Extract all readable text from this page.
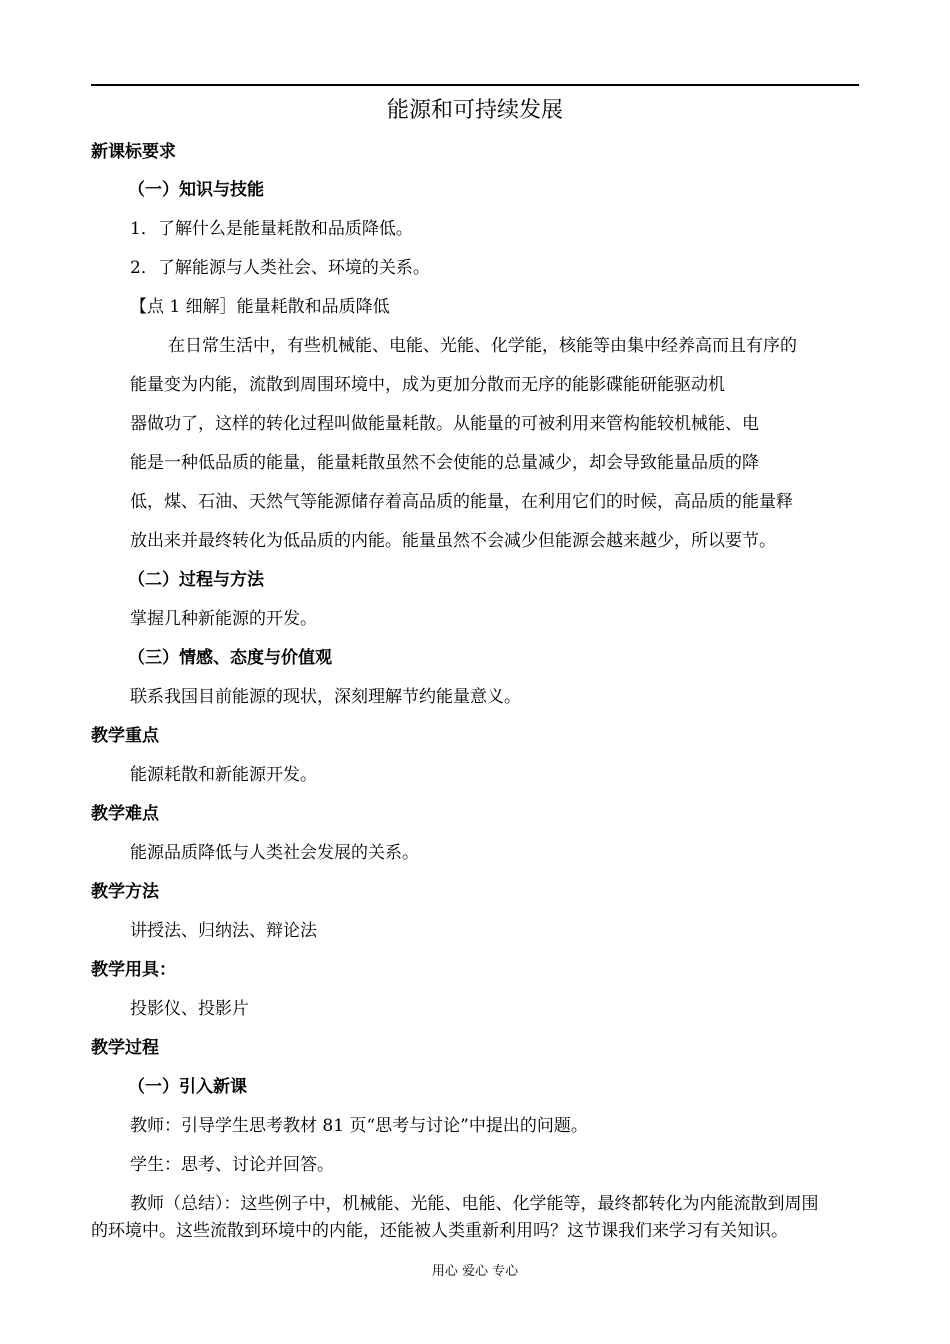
能源和可持续发展
新课标要求
（一）知识与技能
1．了解什么是能量耗散和品质降低。
2．了解能源与人类社会、环境的关系。
【点 1 细解］能量耗散和品质降低
在日常生活中，有些机械能、电能、光能、化学能，核能等由集中经养高而且有序的
能量变为内能，流散到周围环境中，成为更加分散而无序的能影碟能研能驱动机
器做功了，这样的转化过程叫做能量耗散。从能量的可被利用来管构能较机械能、电
能是一种低品质的能量，能量耗散虽然不会使能的总量减少，却会导致能量品质的降
低，煤、石油、天然气等能源储存着高品质的能量，在利用它们的时候，高品质的能量释
放出来并最终转化为低品质的内能。能量虽然不会减少但能源会越来越少，所以要节。
（二）过程与方法
掌握几种新能源的开发。
（三）情感、态度与价值观
联系我国目前能源的现状，深刻理解节约能量意义。
教学重点
能源耗散和新能源开发。
教学难点
能源品质降低与人类社会发展的关系。
教学方法
讲授法、归纳法、辩论法
教学用具：
投影仪、投影片
教学过程
（一）引入新课
教师：引导学生思考教材 81 页“思考与讨论”中提出的问题。
学生：思考、讨论并回答。
教师（总结）：这些例子中，机械能、光能、电能、化学能等，最终都转化为内能流散到周围
的环境中。这些流散到环境中的内能，还能被人类重新利用吗？这节课我们来学习有关知识。
用心 爱心 专心
